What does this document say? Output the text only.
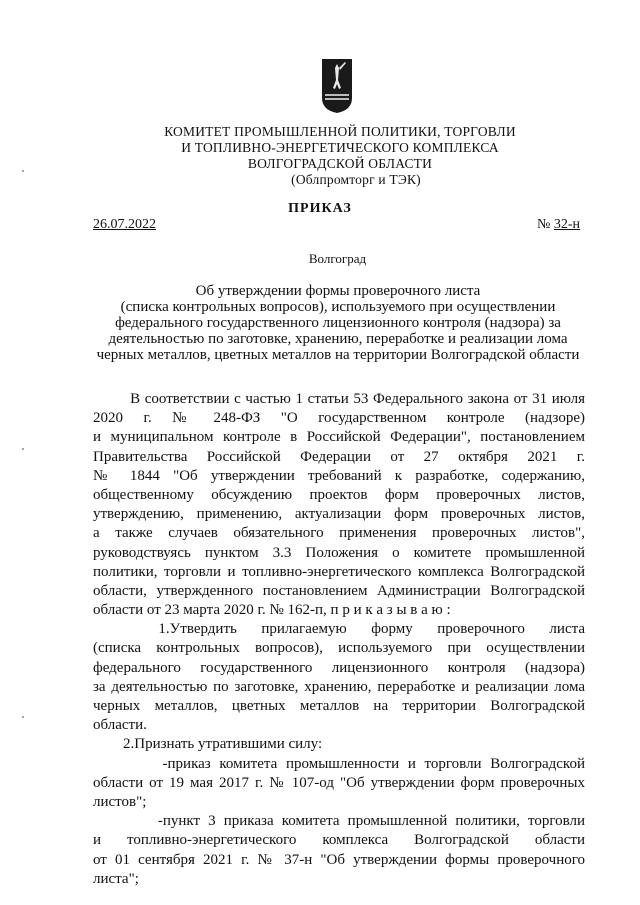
КОМИТЕТ ПРОМЫШЛЕННОЙ ПОЛИТИКИ, ТОРГОВЛИ
И ТОПЛИВНО-ЭНЕРГЕТИЧЕСКОГО КОМПЛЕКСА
ВОЛГОГРАДСКОЙ ОБЛАСТИ
(Облпромторг и ТЭК)
ПРИКАЗ
26.07.2022	№ 32-н
Волгоград
Об утверждении формы проверочного листа
(списка контрольных вопросов), используемого при осуществлении
федерального государственного лицензионного контроля (надзора) за
деятельностью по заготовке, хранению, переработке и реализации лома
черных металлов, цветных металлов на территории Волгоградской области
В соответствии с частью 1 статьи 53 Федерального закона от 31 июля
2020  г.  №  248-ФЗ  "О  государственном  контроле  (надзоре)
и муниципальном контроле в Российской Федерации", постановлением
Правительства  Российской  Федерации  от  27  октября  2021  г.
№ 1844 "Об утверждении требований к разработке, содержанию,
общественному обсуждению проектов форм проверочных листов,
утверждению, применению, актуализации форм проверочных листов,
а также случаев обязательного применения проверочных листов",
руководствуясь пунктом 3.3 Положения о комитете промышленной
политики, торговли и топливно-энергетического комплекса Волгоградской
области, утвержденного постановлением Администрации Волгоградской
области от 23 марта 2020 г. № 162-п, п р и к а з ы в а ю :
1.Утвердить   прилагаемую   форму   проверочного   листа
(списка контрольных вопросов), используемого при осуществлении
федерального государственного лицензионного контроля (надзора)
за деятельностью по заготовке, хранению, переработке и реализации лома
черных металлов, цветных металлов на территории Волгоградской
области.
2.Признать утратившими силу:
-приказ комитета промышленности и торговли Волгоградской
области от 19 мая 2017 г. № 107-од "Об утверждении форм проверочных
листов";
-пункт 3 приказа комитета промышленной политики, торговли
и  топливно-энергетического  комплекса  Волгоградской  области
от 01 сентября 2021 г. № 37-н "Об утверждении формы проверочного
листа";
